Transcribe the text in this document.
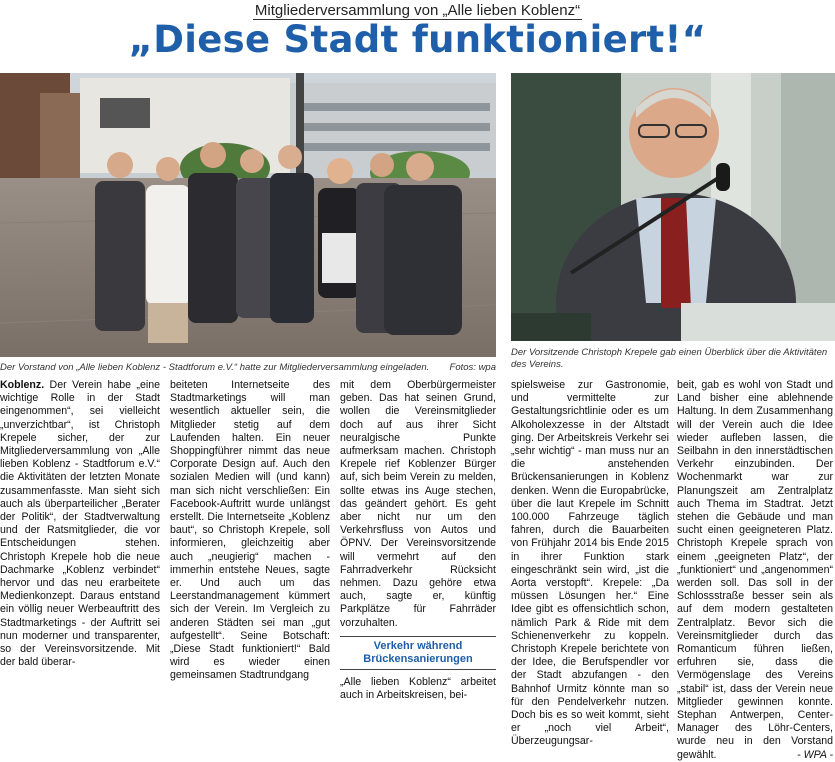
Mitgliederversammlung von „Alle lieben Koblenz“
„Diese Stadt funktioniert!“
Der Vorstand von „Alle lieben Koblenz - Stadtforum e.V.“ hatte zur Mitgliederversammlung eingeladen. Fotos: wpa
Der Vorsitzende Christoph Krepele gab einen Überblick über die Aktivitäten des Vereins.

Koblenz. Der Verein habe „eine wichtige Rolle in der Stadt eingenommen“, sei vielleicht „unverzichtbar“, ist Christoph Krepele sicher, der zur Mitgliederversammlung von „Alle lieben Koblenz - Stadtforum e.V.“ die Aktivitäten der letzten Monate zusammenfasste. Man sieht sich auch als überparteilicher „Berater der Politik“, der Stadtverwaltung und der Ratsmitglieder, die vor Entscheidungen stehen. Christoph Krepele hob die neue Dachmarke „Koblenz verbindet“ hervor und das neu erarbeitete Medienkonzept. Daraus entstand ein völlig neuer Werbeauftritt des Stadtmarketings - der Auftritt sei nun moderner und transparenter, so der Vereinsvorsitzende. Mit der bald überar-

beiteten Internetseite des Stadtmarketings will man wesentlich aktueller sein, die Mitglieder stetig auf dem Laufenden halten. Ein neuer Shoppingführer nimmt das neue Corporate Design auf. Auch den sozialen Medien will (und kann) man sich nicht verschließen: Ein Facebook-Auftritt wurde unlängst erstellt. Die Internetseite „Koblenz baut“, so Christoph Krepele, soll informieren, gleichzeitig aber auch „neugierig“ machen - immerhin entstehe Neues, sagte er. Und auch um das Leerstandmanagement kümmert sich der Verein. Im Vergleich zu anderen Städten sei man „gut aufgestellt“. Seine Botschaft: „Diese Stadt funktioniert!“ Bald wird es wieder einen gemeinsamen Stadtrundgang

mit dem Oberbürgermeister geben. Das hat seinen Grund, wollen die Vereinsmitglieder doch auf aus ihrer Sicht neuralgische Punkte aufmerksam machen. Christoph Krepele rief Koblenzer Bürger auf, sich beim Verein zu melden, sollte etwas ins Auge stechen, das geändert gehört. Es geht aber nicht nur um den Verkehrsfluss von Autos und ÖPNV. Der Vereinsvorsitzende will vermehrt auf den Fahrradverkehr Rücksicht nehmen. Dazu gehöre etwa auch, sagte er, künftig Parkplätze für Fahrräder vorzuhalten.

Verkehr während Brückensanierungen

„Alle lieben Koblenz“ arbeitet auch in Arbeitskreisen, bei-

spielsweise zur Gastronomie, und vermittelte zur Gestaltungsrichtlinie oder es um Alkoholexzesse in der Altstadt ging. Der Arbeitskreis Verkehr sei „sehr wichtig“ - man muss nur an die anstehenden Brückensanierungen in Koblenz denken. Wenn die Europabrücke, über die laut Krepele im Schnitt 100.000 Fahrzeuge täglich fahren, durch die Bauarbeiten von Frühjahr 2014 bis Ende 2015 in ihrer Funktion stark eingeschränkt sein wird, „ist die Aorta verstopft“. Krepele: „Da müssen Lösungen her.“ Eine Idee gibt es offensichtlich schon, nämlich Park & Ride mit dem Schienenverkehr zu koppeln. Christoph Krepele berichtete von der Idee, die Berufspendler vor der Stadt abzufangen - den Bahnhof Urmitz könnte man so für den Pendelverkehr nutzen. Doch bis es so weit kommt, sieht er „noch viel Arbeit“, Überzeugungsar-

beit, gab es wohl von Stadt und Land bisher eine ablehnende Haltung. In dem Zusammenhang will der Verein auch die Idee wieder aufleben lassen, die Seilbahn in den innerstädtischen Verkehr einzubinden. Der Wochenmarkt war zur Planungszeit am Zentralplatz auch Thema im Stadtrat. Jetzt stehen die Gebäude und man sucht einen geeigneteren Platz. Christoph Krepele sprach von einem „geeigneten Platz“, der „funktioniert“ und „angenommen“ werden soll. Das soll in der Schlossstraße besser sein als auf dem modern gestalteten Zentralplatz. Bevor sich die Vereinsmitglieder durch das Romanticum führen ließen, erfuhren sie, dass die Vermögenslage des Vereins „stabil“ ist, dass der Verein neue Mitglieder gewinnen konnte. Stephan Antwerpen, Center-Manager des Löhr-Centers, wurde neu in den Vorstand gewählt.	- WPA -
